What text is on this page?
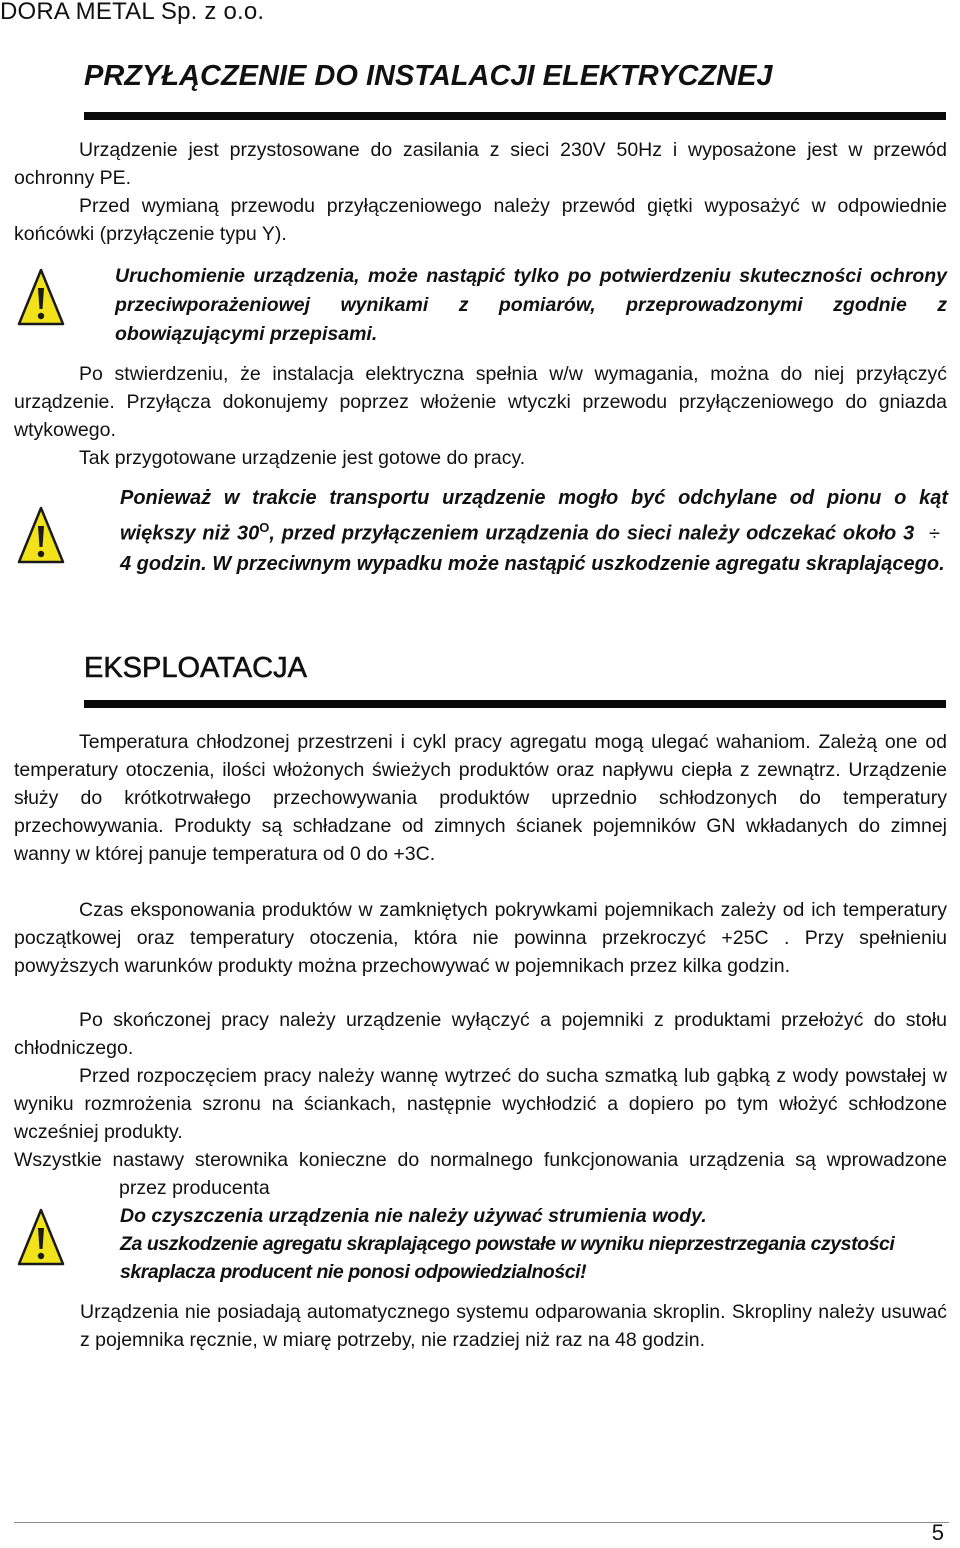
DORA METAL Sp. z o.o.
PRZYŁĄCZENIE DO INSTALACJI ELEKTRYCZNEJ

Urządzenie jest przystosowane do zasilania z sieci 230V 50Hz i wyposażone jest w przewód ochronny PE.

Przed wymianą przewodu przyłączeniowego należy przewód giętki wyposażyć w odpowiednie końcówki (przyłączenie typu Y).

Uruchomienie urządzenia, może nastąpić tylko po potwierdzeniu skuteczności ochrony przeciwporażeniowej wynikami z pomiarów, przeprowadzonymi zgodnie z obowiązującymi przepisami.

Po stwierdzeniu, że instalacja elektryczna spełnia w/w wymagania, można do niej przyłączyć urządzenie. Przyłącza dokonujemy poprzez włożenie wtyczki przewodu przyłączeniowego do gniazda wtykowego.

Tak przygotowane urządzenie jest gotowe do pracy.

Ponieważ w trakcie transportu urządzenie mogło być odchylane od pionu o kąt większy niż $30^O$, przed przyłączeniem urządzenia do sieci należy odczekać około 3 ÷ 4 godzin. W przeciwnym wypadku może nastąpić uszkodzenie agregatu skraplającego.

EKSPLOATACJA

Temperatura chłodzonej przestrzeni i cykl pracy agregatu mogą ulegać wahaniom. Zależą one od temperatury otoczenia, ilości włożonych świeżych produktów oraz napływu ciepła z zewnątrz. Urządzenie służy do krótkotrwałego przechowywania produktów uprzednio schłodzonych do temperatury przechowywania. Produkty są schładzane od zimnych ścianek pojemników GN wkładanych do zimnej wanny w której panuje temperatura od 0 do +3C.

Czas eksponowania produktów w zamkniętych pokrywkami pojemnikach zależy od ich temperatury początkowej oraz temperatury otoczenia, która nie powinna przekroczyć +25C . Przy spełnieniu powyższych warunków produkty można przechowywać w pojemnikach przez kilka godzin.

Po skończonej pracy należy urządzenie wyłączyć a pojemniki z produktami przełożyć do stołu chłodniczego.

Przed rozpoczęciem pracy należy wannę wytrzeć do sucha szmatką lub gąbką z wody powstałej w wyniku rozmrożenia szronu na ściankach, następnie wychłodzić a dopiero po tym włożyć schłodzone wcześniej produkty.

Wszystkie nastawy sterownika konieczne do normalnego funkcjonowania urządzenia są wprowadzone przez producenta

Do czyszczenia urządzenia nie należy używać strumienia wody.

Za uszkodzenie agregatu skraplającego powstałe w wyniku nieprzestrzegania czystości skraplacza producent nie ponosi odpowiedzialności!

Urządzenia nie posiadają automatycznego systemu odparowania skroplin. Skropliny należy usuwać z pojemnika ręcznie, w miarę potrzeby, nie rzadziej niż raz na 48 godzin.

5
